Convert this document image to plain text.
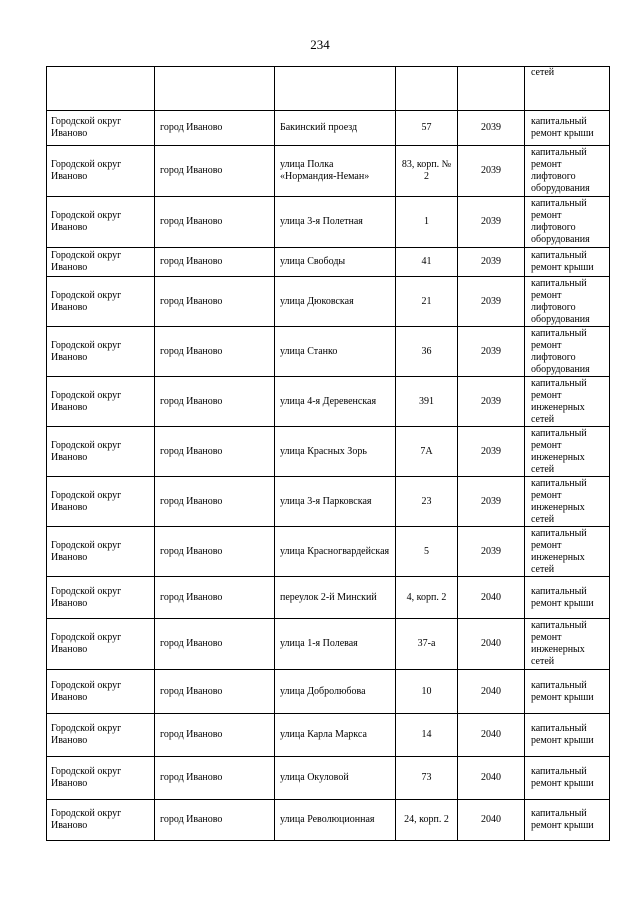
234
					сетей
Городской округ Иваново	город Иваново	Бакинский проезд	57	2039	капитальный ремонт крыши
Городской округ Иваново	город Иваново	улица Полка «Нормандия-Неман»	83, корп. № 2	2039	капитальный ремонт лифтового оборудования
Городской округ Иваново	город Иваново	улица 3-я Полетная	1	2039	капитальный ремонт лифтового оборудования
Городской округ Иваново	город Иваново	улица Свободы	41	2039	капитальный ремонт крыши
Городской округ Иваново	город Иваново	улица Дюковская	21	2039	капитальный ремонт лифтового оборудования
Городской округ Иваново	город Иваново	улица Станко	36	2039	капитальный ремонт лифтового оборудования
Городской округ Иваново	город Иваново	улица 4-я Деревенская	391	2039	капитальный ремонт инженерных сетей
Городской округ Иваново	город Иваново	улица Красных Зорь	7А	2039	капитальный ремонт инженерных сетей
Городской округ Иваново	город Иваново	улица 3-я Парковская	23	2039	капитальный ремонт инженерных сетей
Городской округ Иваново	город Иваново	улица Красногвардейская	5	2039	капитальный ремонт инженерных сетей
Городской округ Иваново	город Иваново	переулок 2-й Минский	4, корп. 2	2040	капитальный ремонт крыши
Городской округ Иваново	город Иваново	улица 1-я Полевая	37-а	2040	капитальный ремонт инженерных сетей
Городской округ Иваново	город Иваново	улица Добролюбова	10	2040	капитальный ремонт крыши
Городской округ Иваново	город Иваново	улица Карла Маркса	14	2040	капитальный ремонт крыши
Городской округ Иваново	город Иваново	улица Окуловой	73	2040	капитальный ремонт крыши
Городской округ Иваново	город Иваново	улица Революционная	24, корп. 2	2040	капитальный ремонт крыши
